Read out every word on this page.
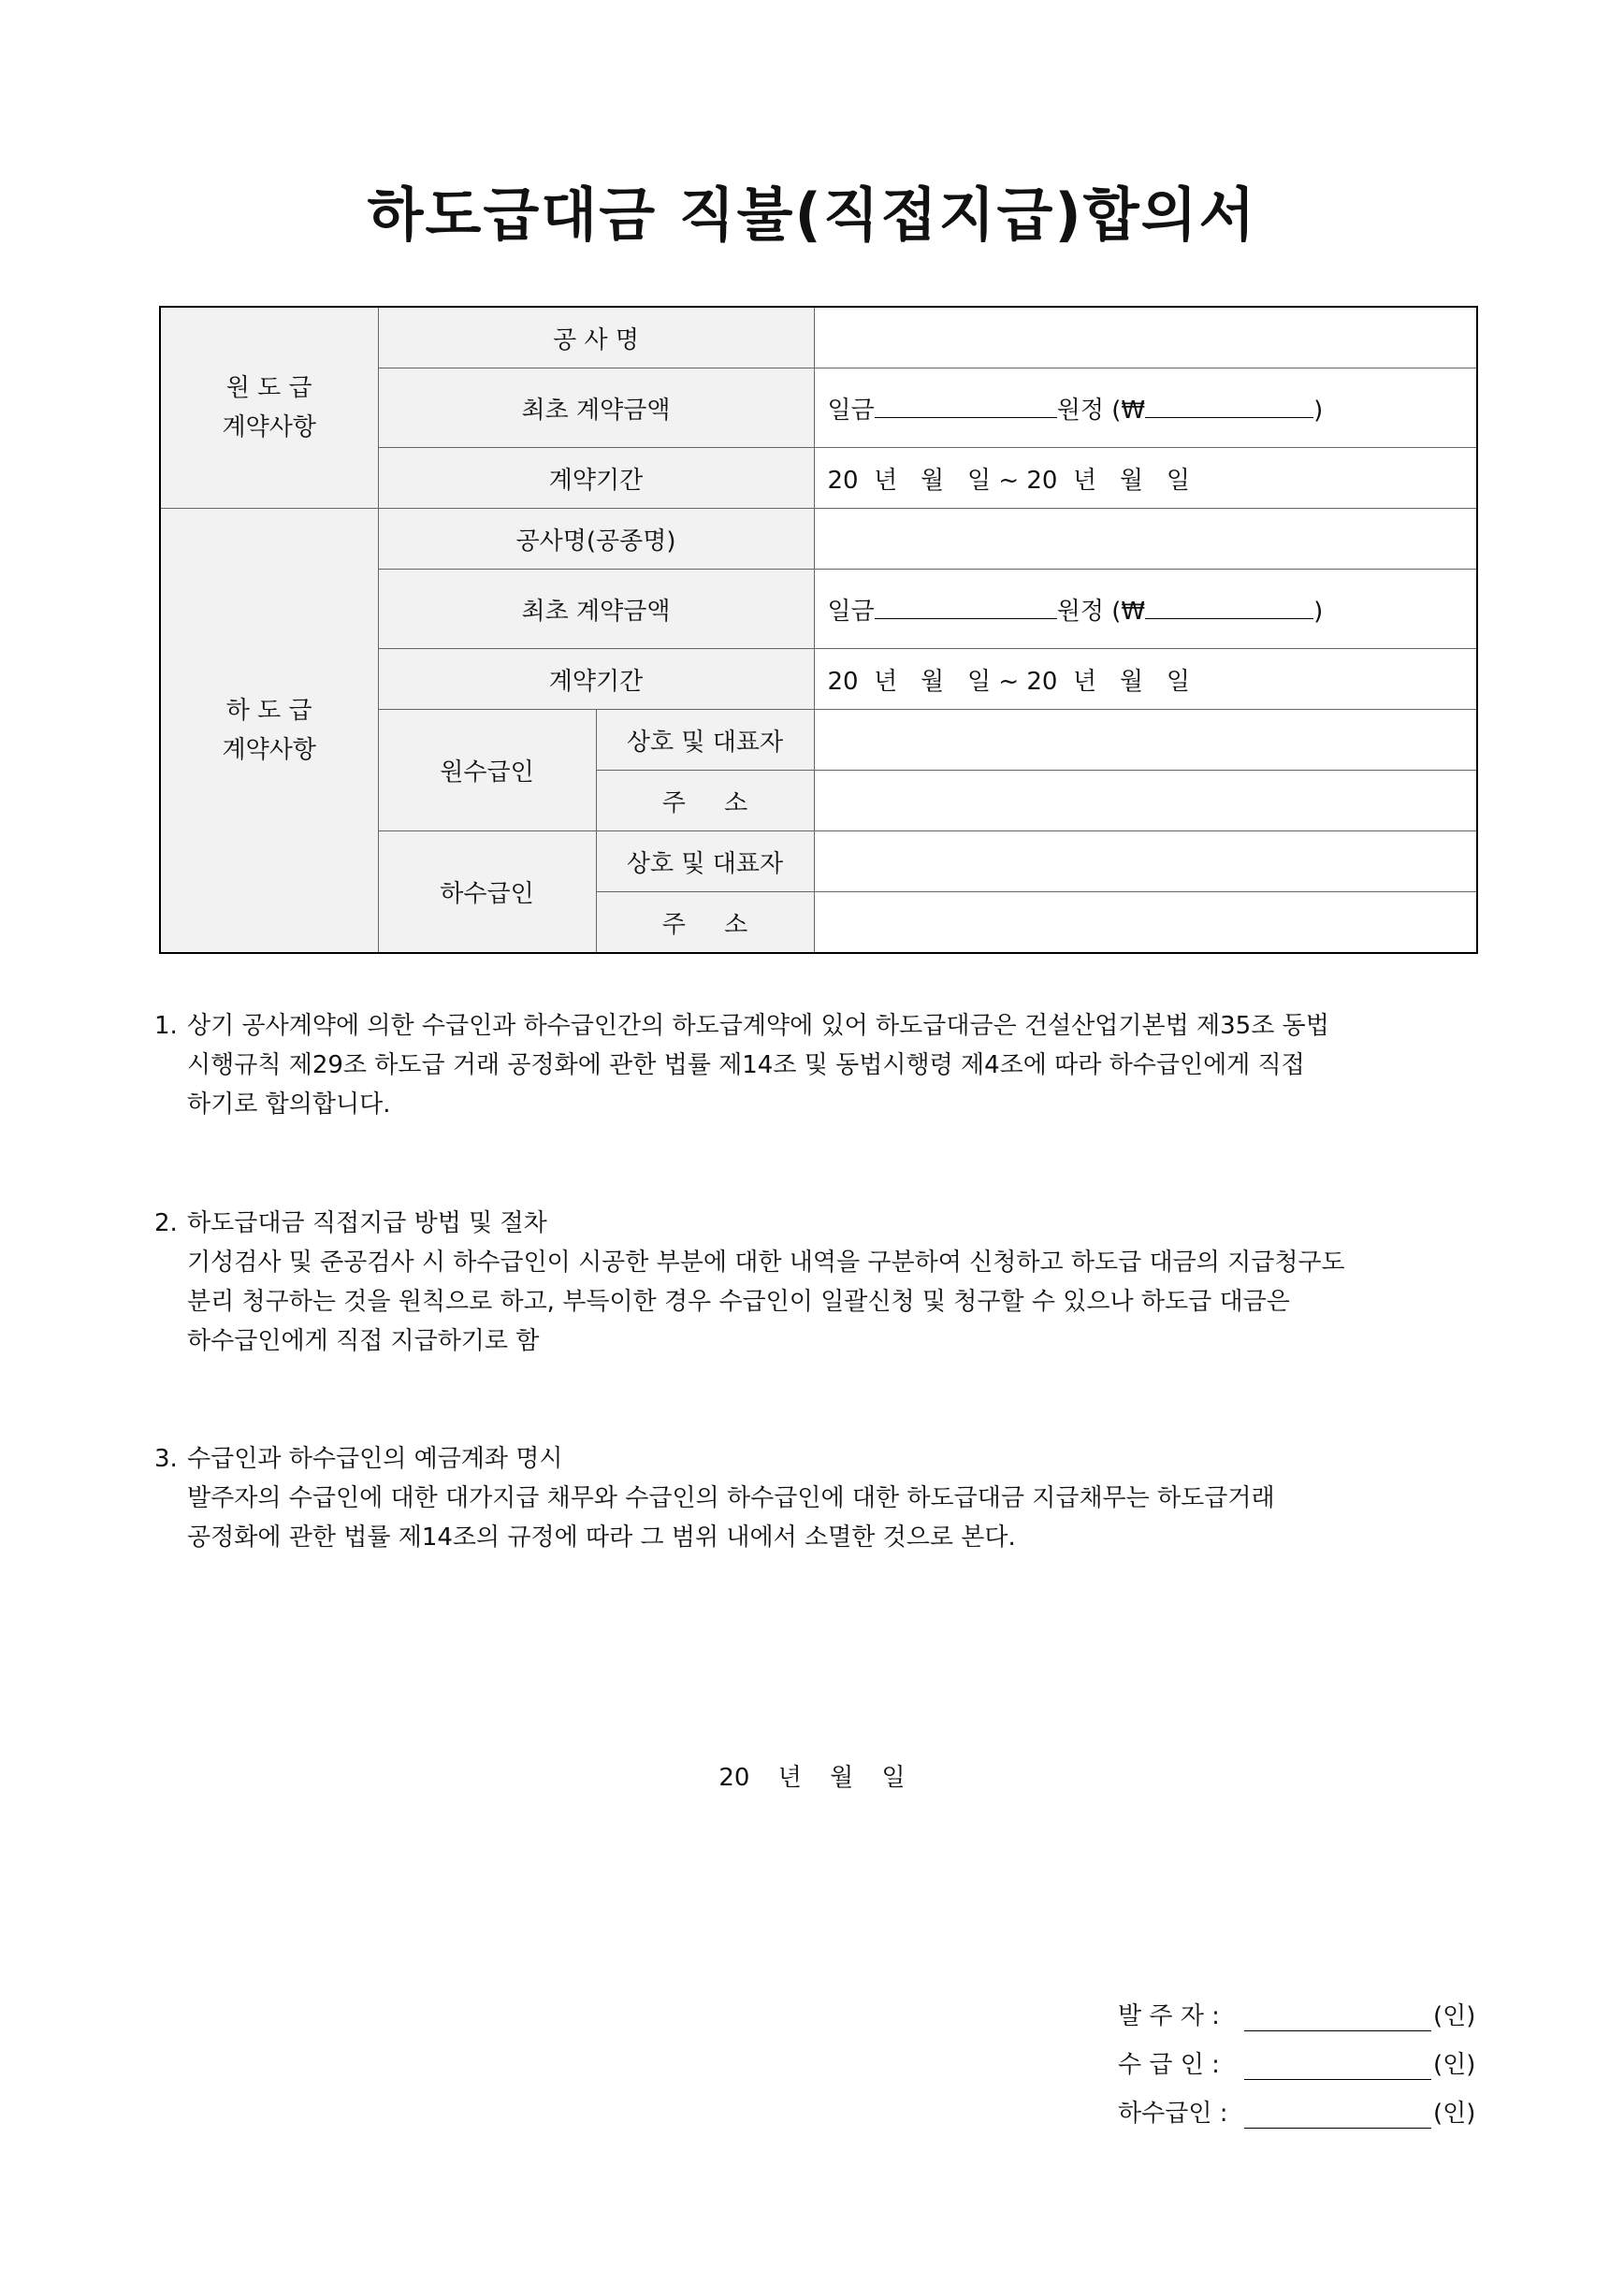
하도급대금 직불(직접지급)합의서
원 도 급
계약사항	공 사 명		
	최초 계약금액		일금 원정 (₩ )
	계약기간		20  년   월   일 ~ 20  년   월   일

하 도 급
계약사항	공사명(공종명)		
	최초 계약금액		일금 원정 (₩ )
	계약기간		20  년   월   일 ~ 20  년   월   일
	원수급인	상호 및 대표자	
		주     소	
	하수급인	상호 및 대표자	
		주     소	
1. 상기 공사계약에 의한 수급인과 하수급인간의 하도급계약에 있어 하도급대금은 건설산업기본법 제35조 동법
시행규칙 제29조 하도급 거래 공정화에 관한 법률 제14조 및 동법시행령 제4조에 따라 하수급인에게 직접
하기로 합의합니다.
2. 하도급대금 직접지급 방법 및 절차
기성검사 및 준공검사 시 하수급인이 시공한 부분에 대한 내역을 구분하여 신청하고 하도급 대금의 지급청구도
분리 청구하는 것을 원칙으로 하고, 부득이한 경우 수급인이 일괄신청 및 청구할 수 있으나 하도급 대금은
하수급인에게 직접 지급하기로 함
3. 수급인과 하수급인의 예금계좌 명시
발주자의 수급인에 대한 대가지급 채무와 수급인의 하수급인에 대한 하도급대금 지급채무는 하도급거래
공정화에 관한 법률 제14조의 규정에 따라 그 범위 내에서 소멸한 것으로 본다.
20 년 월 일
발 주 자 :	(인)
수 급 인 :	(인)
하수급인 :	(인)
